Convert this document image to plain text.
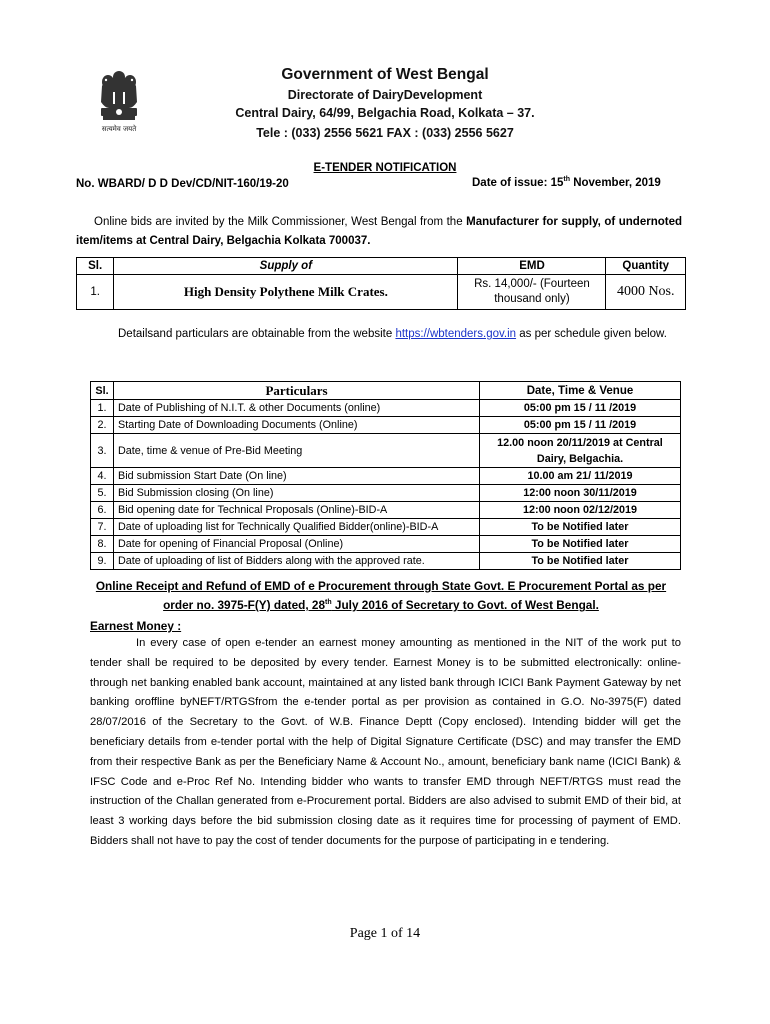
सत्यमेव जयते
Government of West Bengal
Directorate of DairyDevelopment
Central Dairy, 64/99, Belgachia Road, Kolkata – 37.
Tele : (033) 2556 5621 FAX : (033) 2556 5627
E-TENDER NOTIFICATION
No. WBARD/ D D Dev/CD/NIT-160/19-20	Date of issue: 15th November, 2019
Online bids are invited by the Milk Commissioner, West Bengal from the Manufacturer for supply, of undernoted item/items at Central Dairy, Belgachia Kolkata 700037.
Sl.	Supply of	EMD	Quantity
1.	High Density Polythene Milk Crates.	Rs. 14,000/- (Fourteen thousand only)	4000 Nos.
Detailsand particulars are obtainable from the website https://wbtenders.gov.in as per schedule given below.
Sl.	Particulars	Date, Time & Venue
1.	Date of Publishing of N.I.T. & other Documents (online)	05:00 pm 15 / 11 /2019
2.	Starting Date of Downloading Documents (Online)	05:00 pm 15 / 11 /2019
3.	Date, time & venue of Pre-Bid Meeting	12.00 noon 20/11/2019 at Central Dairy, Belgachia.
4.	Bid submission Start Date (On line)	10.00 am 21/ 11/2019
5.	Bid Submission closing (On line)	12:00 noon 30/11/2019
6.	Bid opening date for Technical Proposals (Online)-BID-A	12:00 noon 02/12/2019
7.	Date of uploading list for Technically Qualified Bidder(online)-BID-A	To be Notified later
8.	Date for opening of Financial Proposal (Online)	To be Notified later
9.	Date of uploading of list of Bidders along with the approved rate.	To be Notified later
Online Receipt and Refund of EMD of e Procurement through State Govt. E Procurement Portal as per
order no. 3975-F(Y) dated, 28th July 2016 of Secretary to Govt. of West Bengal.
Earnest Money :
In every case of open e-tender an earnest money amounting as mentioned in the NIT of the work put to tender shall be required to be deposited by every tender. Earnest Money is to be submitted electronically: online-through net banking enabled bank account, maintained at any listed bank through ICICI Bank Payment Gateway by net banking oroffline byNEFT/RTGSfrom the e-tender portal as per provision as contained in G.O. No-3975(F) dated 28/07/2016 of the Secretary to the Govt. of W.B. Finance Deptt (Copy enclosed). Intending bidder will get the beneficiary details from e-tender portal with the help of Digital Signature Certificate (DSC) and may transfer the EMD from their respective Bank as per the Beneficiary Name & Account No., amount, beneficiary bank name (ICICI Bank) & IFSC Code and e-Proc Ref No. Intending bidder who wants to transfer EMD through NEFT/RTGS must read the instruction of the Challan generated from e-Procurement portal. Bidders are also advised to submit EMD of their bid, at least 3 working days before the bid submission closing date as it requires time for processing of payment of EMD. Bidders shall not have to pay the cost of tender documents for the purpose of participating in e tendering.
Page 1 of 14
